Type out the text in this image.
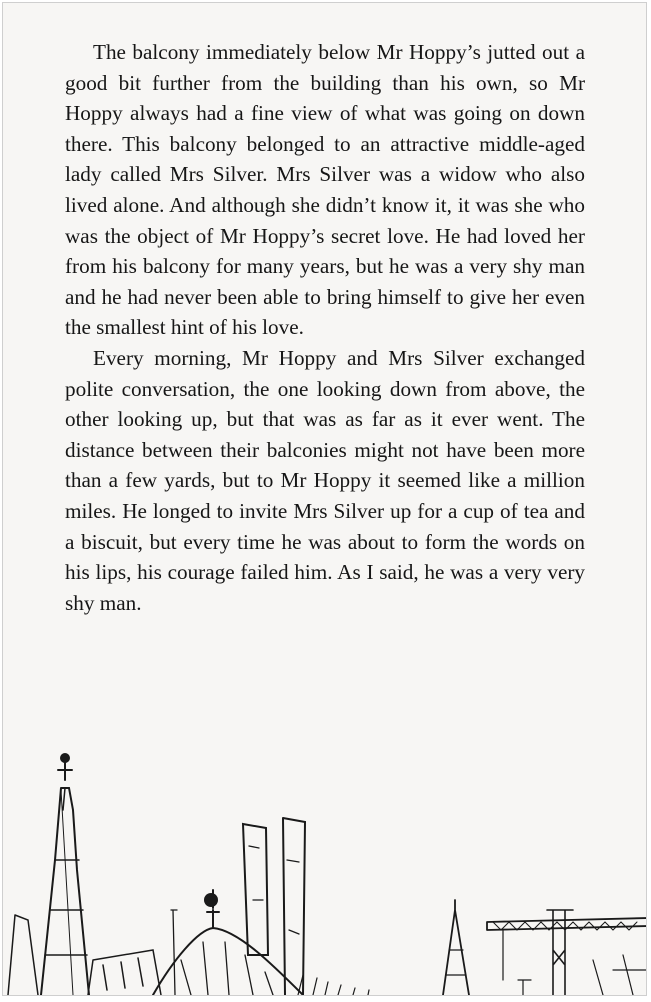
The balcony immediately below Mr Hoppy’s jutted out a good bit further from the building than his own, so Mr Hoppy always had a fine view of what was going on down there. This balcony belonged to an attractive middle-aged lady called Mrs Silver. Mrs Silver was a widow who also lived alone. And although she didn’t know it, it was she who was the object of Mr Hoppy’s secret love. He had loved her from his balcony for many years, but he was a very shy man and he had never been able to bring himself to give her even the smallest hint of his love.

Every morning, Mr Hoppy and Mrs Silver exchanged polite conversation, the one looking down from above, the other looking up, but that was as far as it ever went. The distance between their balconies might not have been more than a few yards, but to Mr Hoppy it seemed like a million miles. He longed to invite Mrs Silver up for a cup of tea and a biscuit, but every time he was about to form the words on his lips, his courage failed him. As I said, he was a very very shy man.
